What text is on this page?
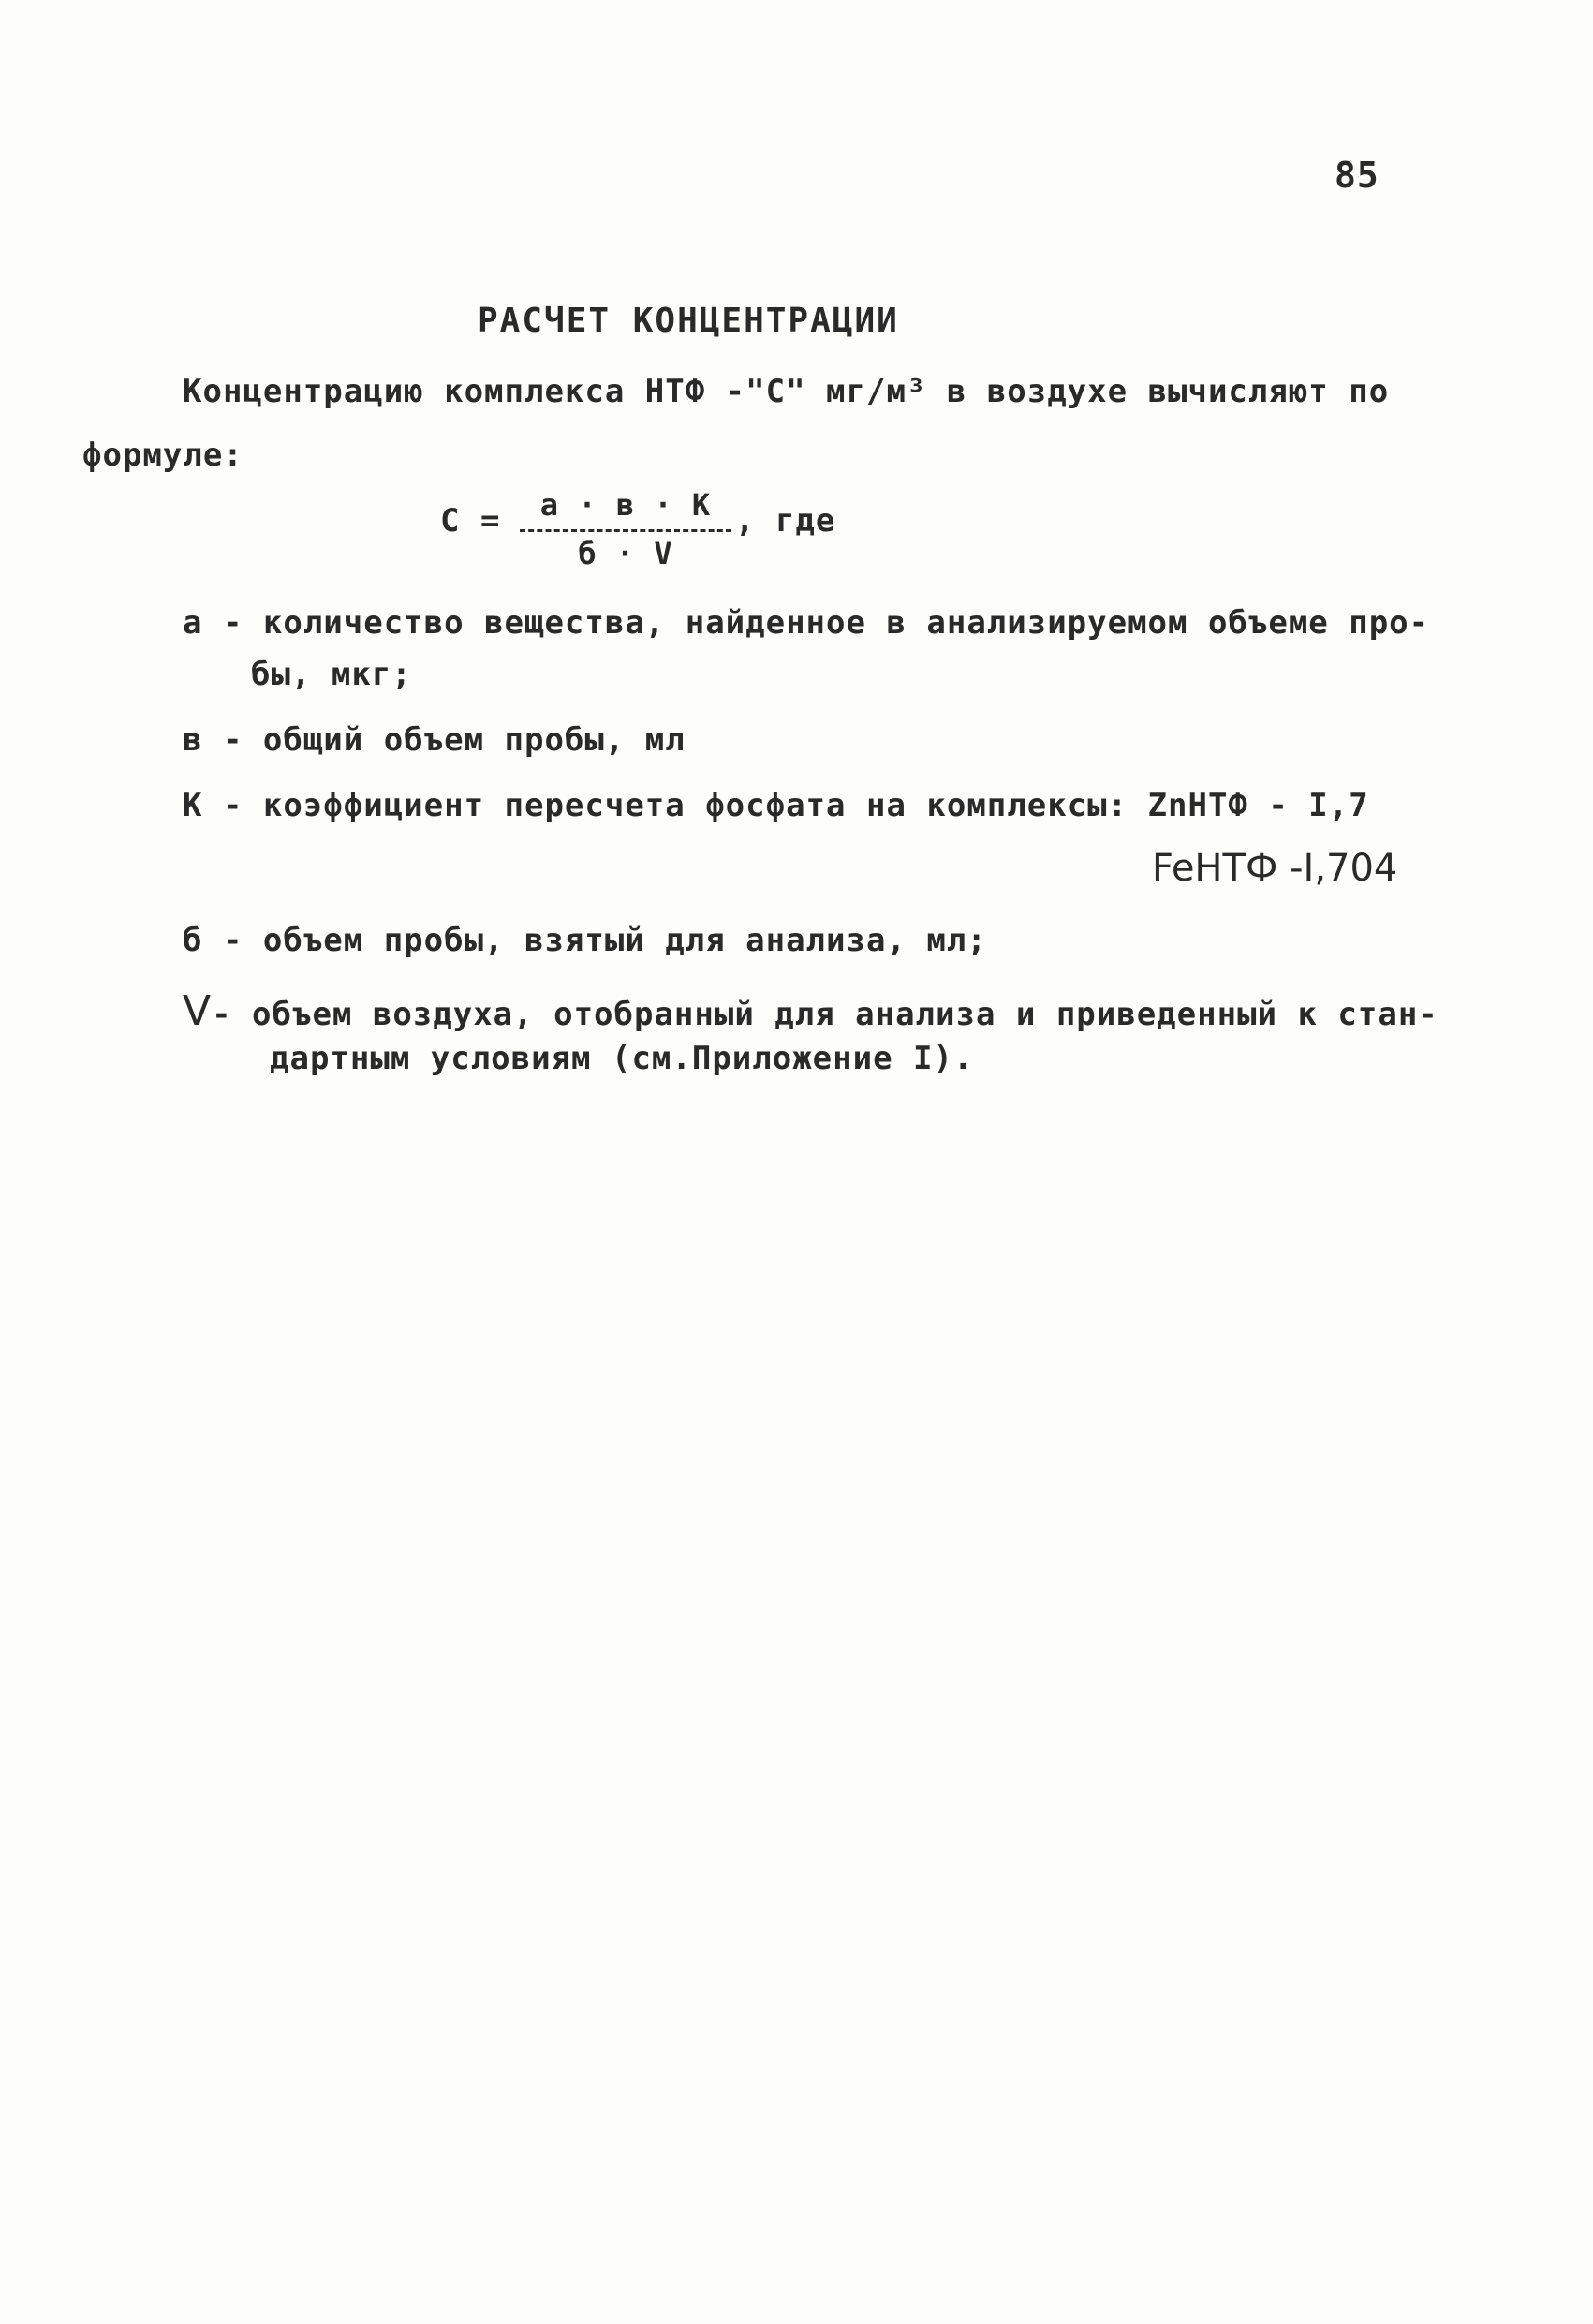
85
РАСЧЕТ КОНЦЕНТРАЦИИ
Концентрацию комплекса НТФ -"С" мг/м³ в воздухе вычисляют по
формуле:
С =	а · в · К
б · V
, где
а - количество вещества, найденное в анализируемом объеме про-
бы, мкг;
в - общий объем пробы, мл
К - коэффициент пересчета фосфата на комплексы: ZnНТФ - I,7
FeНТФ -I,704
б - объем пробы, взятый для анализа, мл;
V- объем воздуха, отобранный для анализа и приведенный к стан-
дартным условиям (см.Приложение I).
